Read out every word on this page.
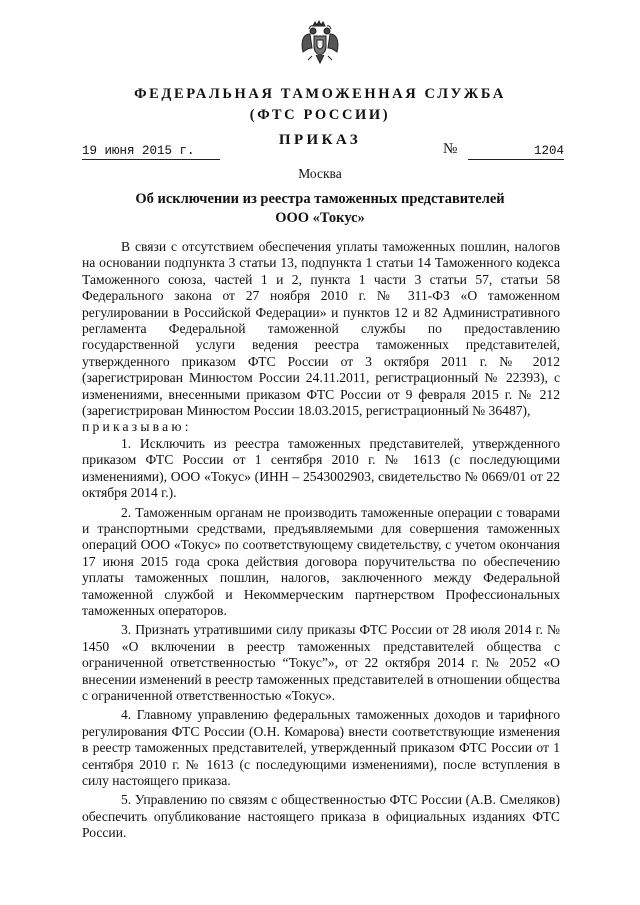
ФЕДЕРАЛЬНАЯ ТАМОЖЕННАЯ СЛУЖБА
(ФТС РОССИИ)
ПРИКАЗ
19 июня 2015 г.	№	1204
Москва
Об исключении из реестра таможенных представителей
ООО «Токус»

В связи с отсутствием обеспечения уплаты таможенных пошлин, налогов на основании подпункта 3 статьи 13, подпункта 1 статьи 14 Таможенного кодекса Таможенного союза, частей 1 и 2, пункта 1 части 3 статьи 57, статьи 58 Федерального закона от 27 ноября 2010 г. № 311-ФЗ «О таможенном регулировании в Российской Федерации» и пунктов 12 и 82 Административного регламента Федеральной таможенной службы по предоставлению государственной услуги ведения реестра таможенных представителей, утвержденного приказом ФТС России от 3 октября 2011 г. № 2012 (зарегистрирован Минюстом России 24.11.2011, регистрационный № 22393), с изменениями, внесенными приказом ФТС России от 9 февраля 2015 г. № 212 (зарегистрирован Минюстом России 18.03.2015, регистрационный № 36487),
приказываю:

1. Исключить из реестра таможенных представителей, утвержденного приказом ФТС России от 1 сентября 2010 г. № 1613 (с последующими изменениями), ООО «Токус» (ИНН – 2543002903, свидетельство № 0669/01 от 22 октября 2014 г.).

2. Таможенным органам не производить таможенные операции с товарами и транспортными средствами, предъявляемыми для совершения таможенных операций ООО «Токус» по соответствующему свидетельству, с учетом окончания 17 июня 2015 года срока действия договора поручительства по обеспечению уплаты таможенных пошлин, налогов, заключенного между Федеральной таможенной службой и Некоммерческим партнерством Профессиональных таможенных операторов.

3. Признать утратившими силу приказы ФТС России от 28 июля 2014 г. № 1450 «О включении в реестр таможенных представителей общества с ограниченной ответственностью “Токус”», от 22 октября 2014 г. № 2052 «О внесении изменений в реестр таможенных представителей в отношении общества с ограниченной ответственностью «Токус».

4. Главному управлению федеральных таможенных доходов и тарифного регулирования ФТС России (О.Н. Комарова) внести соответствующие изменения в реестр таможенных представителей, утвержденный приказом ФТС России от 1 сентября 2010 г. № 1613 (с последующими изменениями), после вступления в силу настоящего приказа.

5. Управлению по связям с общественностью ФТС России (А.В. Смеляков) обеспечить опубликование настоящего приказа в официальных изданиях ФТС России.
